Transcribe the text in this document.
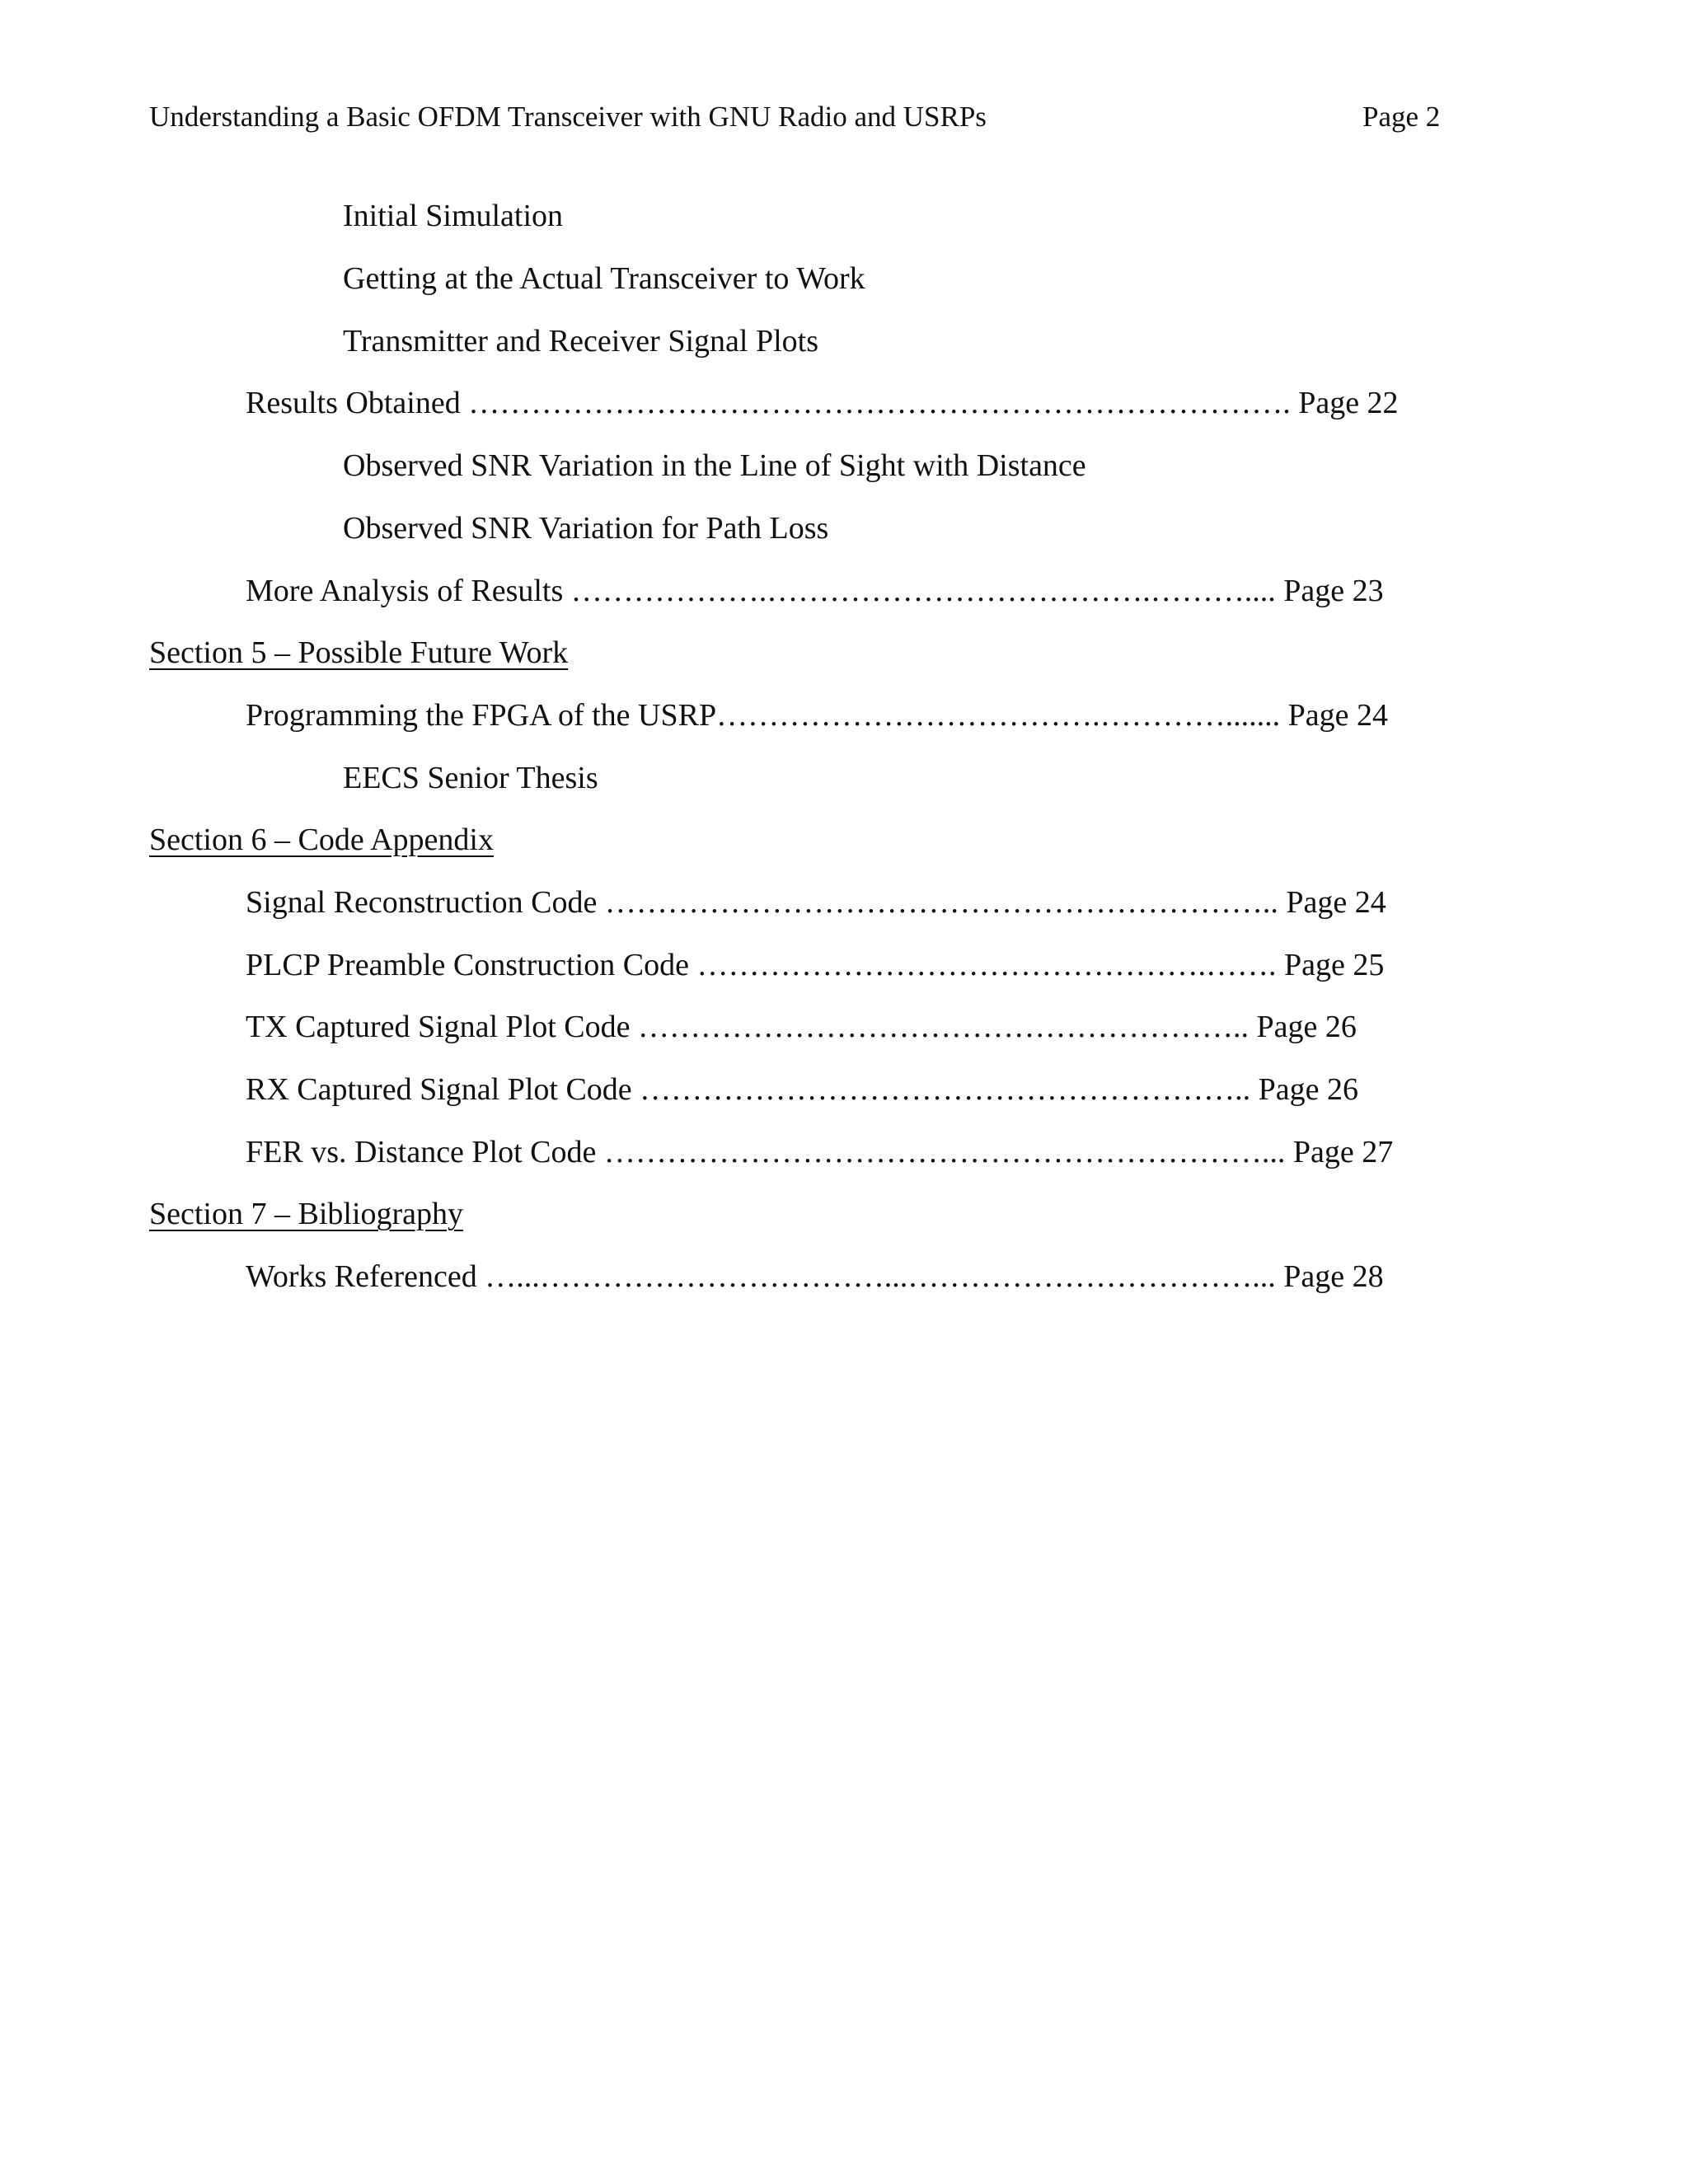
Understanding a Basic OFDM Transceiver with GNU Radio and USRPs	Page 2
Initial Simulation
Getting at the Actual Transceiver to Work
Transmitter and Receiver Signal Plots
Results Obtained ……………………………………………………………………. Page 22
Observed SNR Variation in the Line of Sight with Distance
Observed SNR Variation for Path Loss
More Analysis of Results ……………….……………………………….……….... Page 23
Section 5 – Possible Future Work
Programming the FPGA of the USRP……………………………….…………....... Page 24
EECS Senior Thesis
Section 6 – Code Appendix
Signal Reconstruction Code ……………………………………………………….. Page 24
PLCP Preamble Construction Code ………………………………………….……. Page 25
TX Captured Signal Plot Code ………………………………………………….. Page 26
RX Captured Signal Plot Code ………………………………………………….. Page 26
FER vs. Distance Plot Code ………………………………………………………... Page 27
Section 7 – Bibliography
Works Referenced …...……………………………...……………………………... Page 28
